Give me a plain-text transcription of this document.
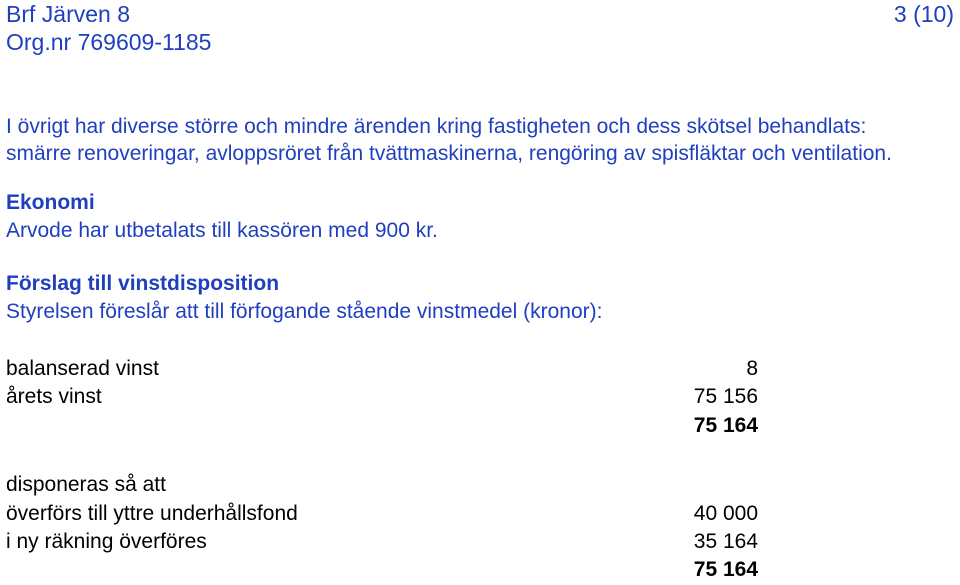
Brf Järven 8
Org.nr 769609-1185
3 (10)
I övrigt har diverse större och mindre ärenden kring fastigheten och dess skötsel behandlats:
smärre renoveringar, avloppsröret från tvättmaskinerna, rengöring av spisfläktar och ventilation.
Ekonomi
Arvode har utbetalats till kassören med 900 kr.
Förslag till vinstdisposition
Styrelsen föreslår att till förfogande stående vinstmedel (kronor):
balanserad vinst	8
årets vinst	75 156
75 164
disponeras så att
överförs till yttre underhållsfond	40 000
i ny räkning överföres	35 164
75 164
